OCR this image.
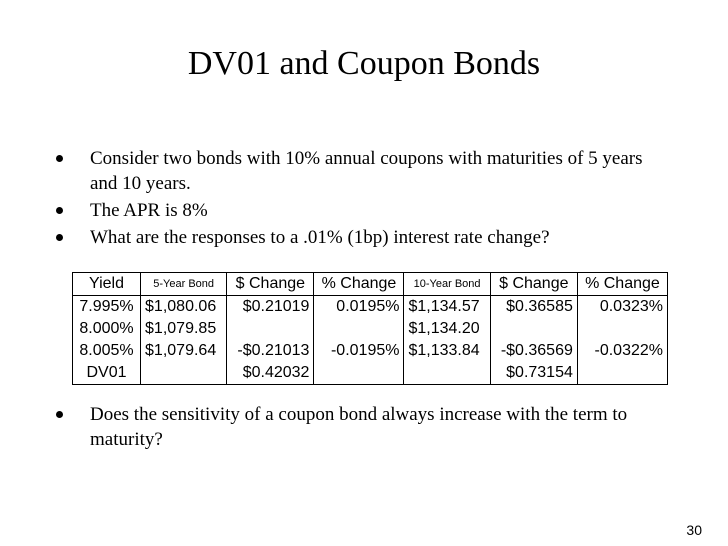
DV01 and Coupon Bonds
Consider two bonds with 10% annual coupons with maturities of 5 years and 10 years.
The APR is 8%
What are the responses to a .01% (1bp) interest rate change?
Yield	5-Year Bond	$ Change	% Change	10-Year Bond	$ Change	% Change
7.995%	$1,080.06	$0.21019	0.0195%	$1,134.57	$0.36585	0.0323%
8.000%	$1,079.85			$1,134.20		
8.005%	$1,079.64	-$0.21013	-0.0195%	$1,133.84	-$0.36569	-0.0322%
DV01		$0.42032			$0.73154	
Does the sensitivity of a coupon bond always increase with the term to maturity?
30
